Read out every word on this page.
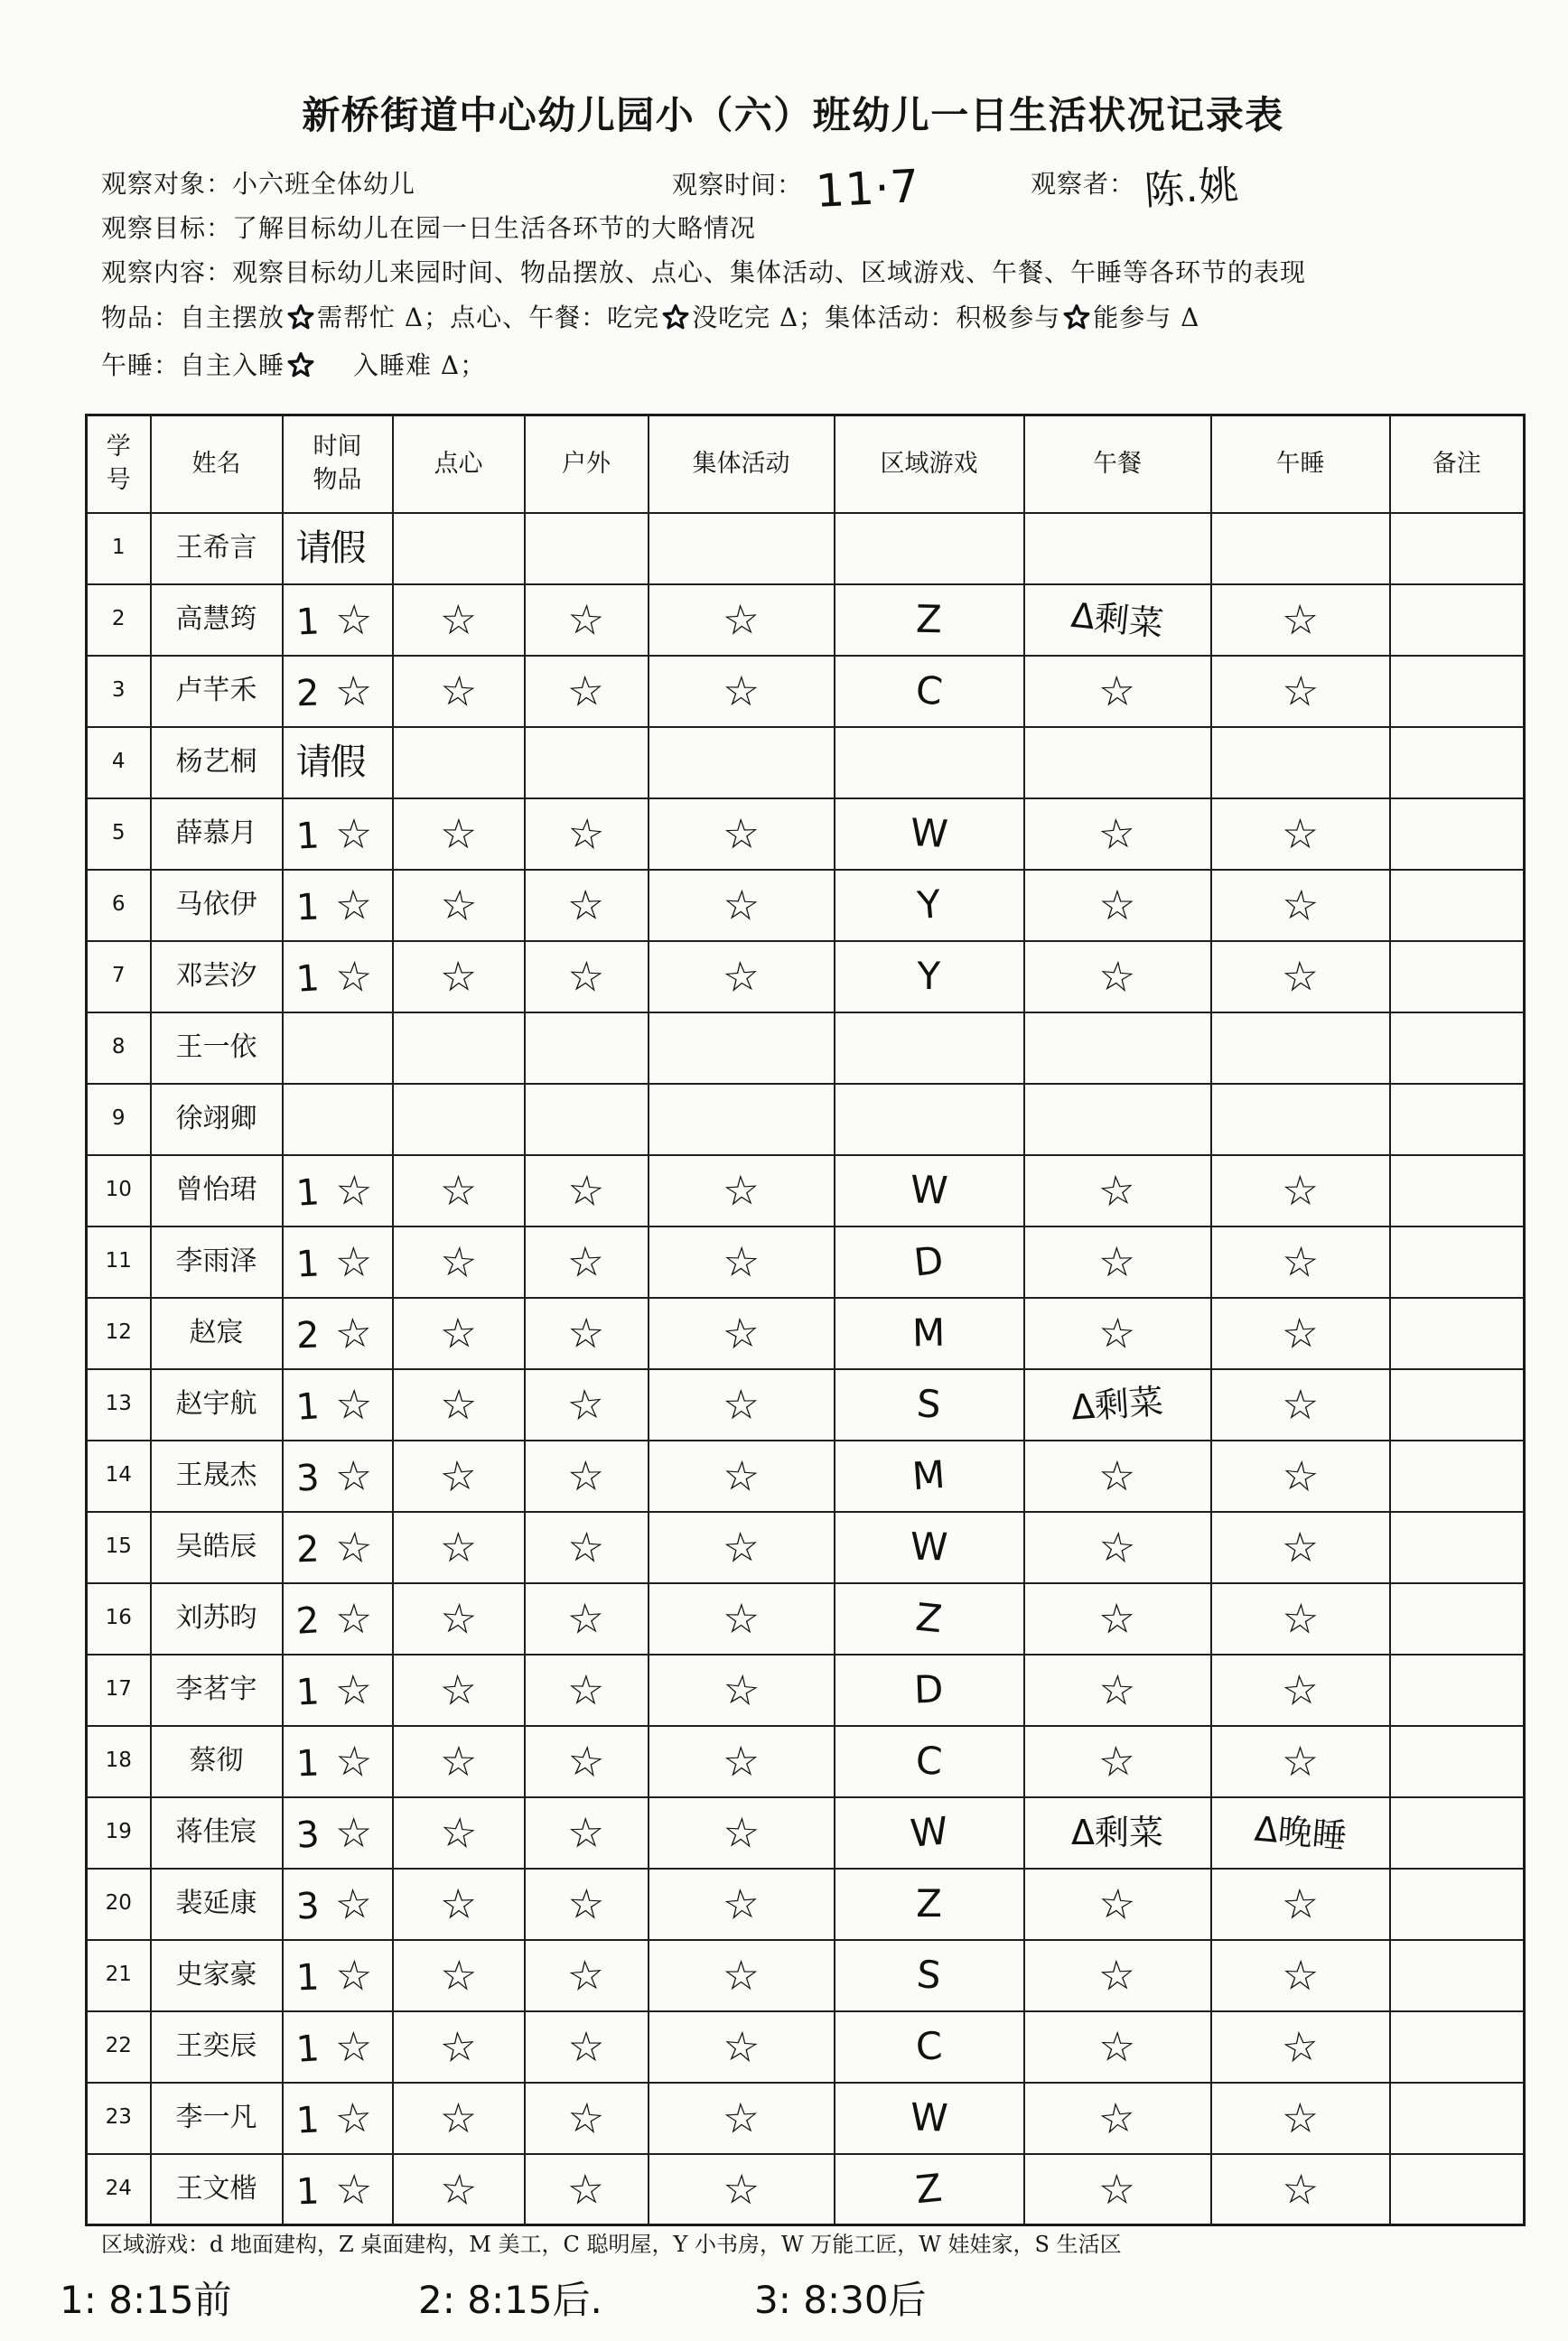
新桥街道中心幼儿园小（六）班幼儿一日生活状况记录表
观察对象：小六班全体幼儿	观察时间： 11·7	观察者： 陈.姚
观察目标：了解目标幼儿在园一日生活各环节的大略情况
观察内容：观察目标幼儿来园时间、物品摆放、点心、集体活动、区域游戏、午餐、午睡等各环节的表现
物品：自主摆放 需帮忙 Δ；点心、午餐：吃完 没吃完 Δ；集体活动：积极参与 能参与 Δ
午睡：自主入睡	入睡难 Δ；
学号	姓名	时间物品	点心	户外	集体活动	区域游戏	午餐	午睡	备注
1	王希言	请假							
2	高慧筠	1 ☆	☆	☆	☆	Z	Δ剩菜	☆	
3	卢芊禾	2 ☆	☆	☆	☆	C	☆	☆	
4	杨艺桐	请假							
5	薛慕月	1 ☆	☆	☆	☆	W	☆	☆	
6	马依伊	1 ☆	☆	☆	☆	Y	☆	☆	
7	邓芸汐	1 ☆	☆	☆	☆	Y	☆	☆	
8	王一依								
9	徐翊卿								
10	曾怡珺	1 ☆	☆	☆	☆	W	☆	☆	
11	李雨泽	1 ☆	☆	☆	☆	D	☆	☆	
12	赵宸	2 ☆	☆	☆	☆	M	☆	☆	
13	赵宇航	1 ☆	☆	☆	☆	S	Δ剩菜	☆	
14	王晟杰	3 ☆	☆	☆	☆	M	☆	☆	
15	吴皓辰	2 ☆	☆	☆	☆	W	☆	☆	
16	刘苏昀	2 ☆	☆	☆	☆	Z	☆	☆	
17	李茗宇	1 ☆	☆	☆	☆	D	☆	☆	
18	蔡彻	1 ☆	☆	☆	☆	C	☆	☆	
19	蒋佳宸	3 ☆	☆	☆	☆	W	Δ剩菜	Δ晚睡	
20	裴延康	3 ☆	☆	☆	☆	Z	☆	☆	
21	史家豪	1 ☆	☆	☆	☆	S	☆	☆	
22	王奕辰	1 ☆	☆	☆	☆	C	☆	☆	
23	李一凡	1 ☆	☆	☆	☆	W	☆	☆	
24	王文楷	1 ☆	☆	☆	☆	Z	☆	☆	
区域游戏：d 地面建构，Z 桌面建构，M 美工，C 聪明屋，Y 小书房，W 万能工匠，W 娃娃家，S 生活区
1: 8:15前	2: 8:15后.	3: 8:30后
